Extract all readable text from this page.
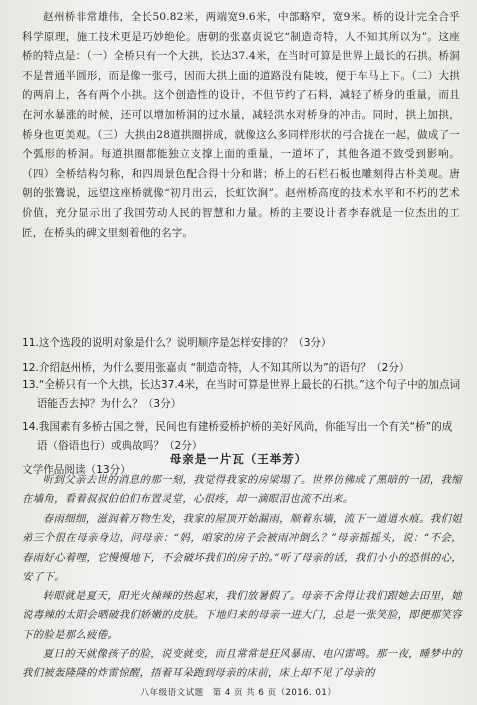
赵州桥非常雄伟，全长50.82米，两端宽9.6米，中部略窄，宽9米。桥的设计完全合乎科学原理，施工技术更是巧妙绝伦。唐朝的张嘉贞说它“制造奇特，人不知其所以为”。这座桥的特点是：（一）全桥只有一个大拱，长达37.4米，在当时可算是世界上最长的石拱。桥洞不是普通半圆形，而是像一张弓，因而大拱上面的道路没有陡坡，便于车马上下。（二）大拱的两肩上，各有两个小拱。这个创造性的设计，不但节约了石料，减轻了桥身的重量，而且在河水暴涨的时候，还可以增加桥洞的过水量，减轻洪水对桥身的冲击。同时，拱上加拱，桥身也更美观。（三）大拱由28道拱圈拼成，就像这么多同样形状的弓合拢在一起，做成了一个弧形的桥洞。每道拱圈都能独立支撑上面的重量，一道坏了，其他各道不致受到影响。（四）全桥结构匀称，和四周景色配合得十分和谐；桥上的石栏石板也雕刻得古朴美观。唐朝的张鷟说，远望这座桥就像“初月出云，长虹饮涧”。赵州桥高度的技术水平和不朽的艺术价值，充分显示出了我国劳动人民的智慧和力量。桥的主要设计者李春就是一位杰出的工匠，在桥头的碑文里刻着他的名字。

11.这个选段的说明对象是什么？说明顺序是怎样安排的？（3分）

12.介绍赵州桥，为什么要用张嘉贞 “制造奇特，人不知其所以为”的语句？（2分）

13.“全桥只有一个大拱，长达37.4米，在当时可算是世界上最长的石拱。”这个句子中的加点词语能否去掉？为什么？（3分）

文学作品阅读（13分）

母亲是一片瓦（王举芳）

听到父亲去世的消息的那一刻，我觉得我家的房梁塌了。世界仿佛成了黑暗的一团，我缩在墙角，看着叔叔伯伯们布置灵堂，心很疼，却一滴眼泪也流不出来。

春雨细细，滋润着万物生发，我家的屋顶开始漏雨，顺着东墙，流下一道道水痕。我们姐弟三个很在母亲身边，问母亲：“妈，咱家的房子会被雨冲倒么？”母亲摇摇头，说：“不会，春雨好心着哩，它慢慢地下，不会破坏我们的房子的。”听了母亲的话，我们小小的恐惧的心，安了下。

转眼就是夏天，阳光火辣辣的热起来，我们放暑假了。母亲不舍得让我们跟她去田里，她说毒辣的太阳会晒破我们娇嫩的皮肤。下地归来的母亲一进大门，总是一张笑脸，即便那笑容下的脸是那么疲倦。

夏日的天就像孩子的脸，说变就变，而且常常是狂风暴雨、电闪雷鸣。那一夜，睡梦中的我们被轰隆隆的炸雷惊醒，捂着耳朵跑到母亲的床前，床上却不见了母亲的

八年级语文试题　第 4 页 共 6 页（2016. 01）

14.我国素有多桥古国之誉，民间也有建桥爱桥护桥的美好风尚，你能写出一个有关“桥”的成语（俗语也行）或典故吗？（2分）
